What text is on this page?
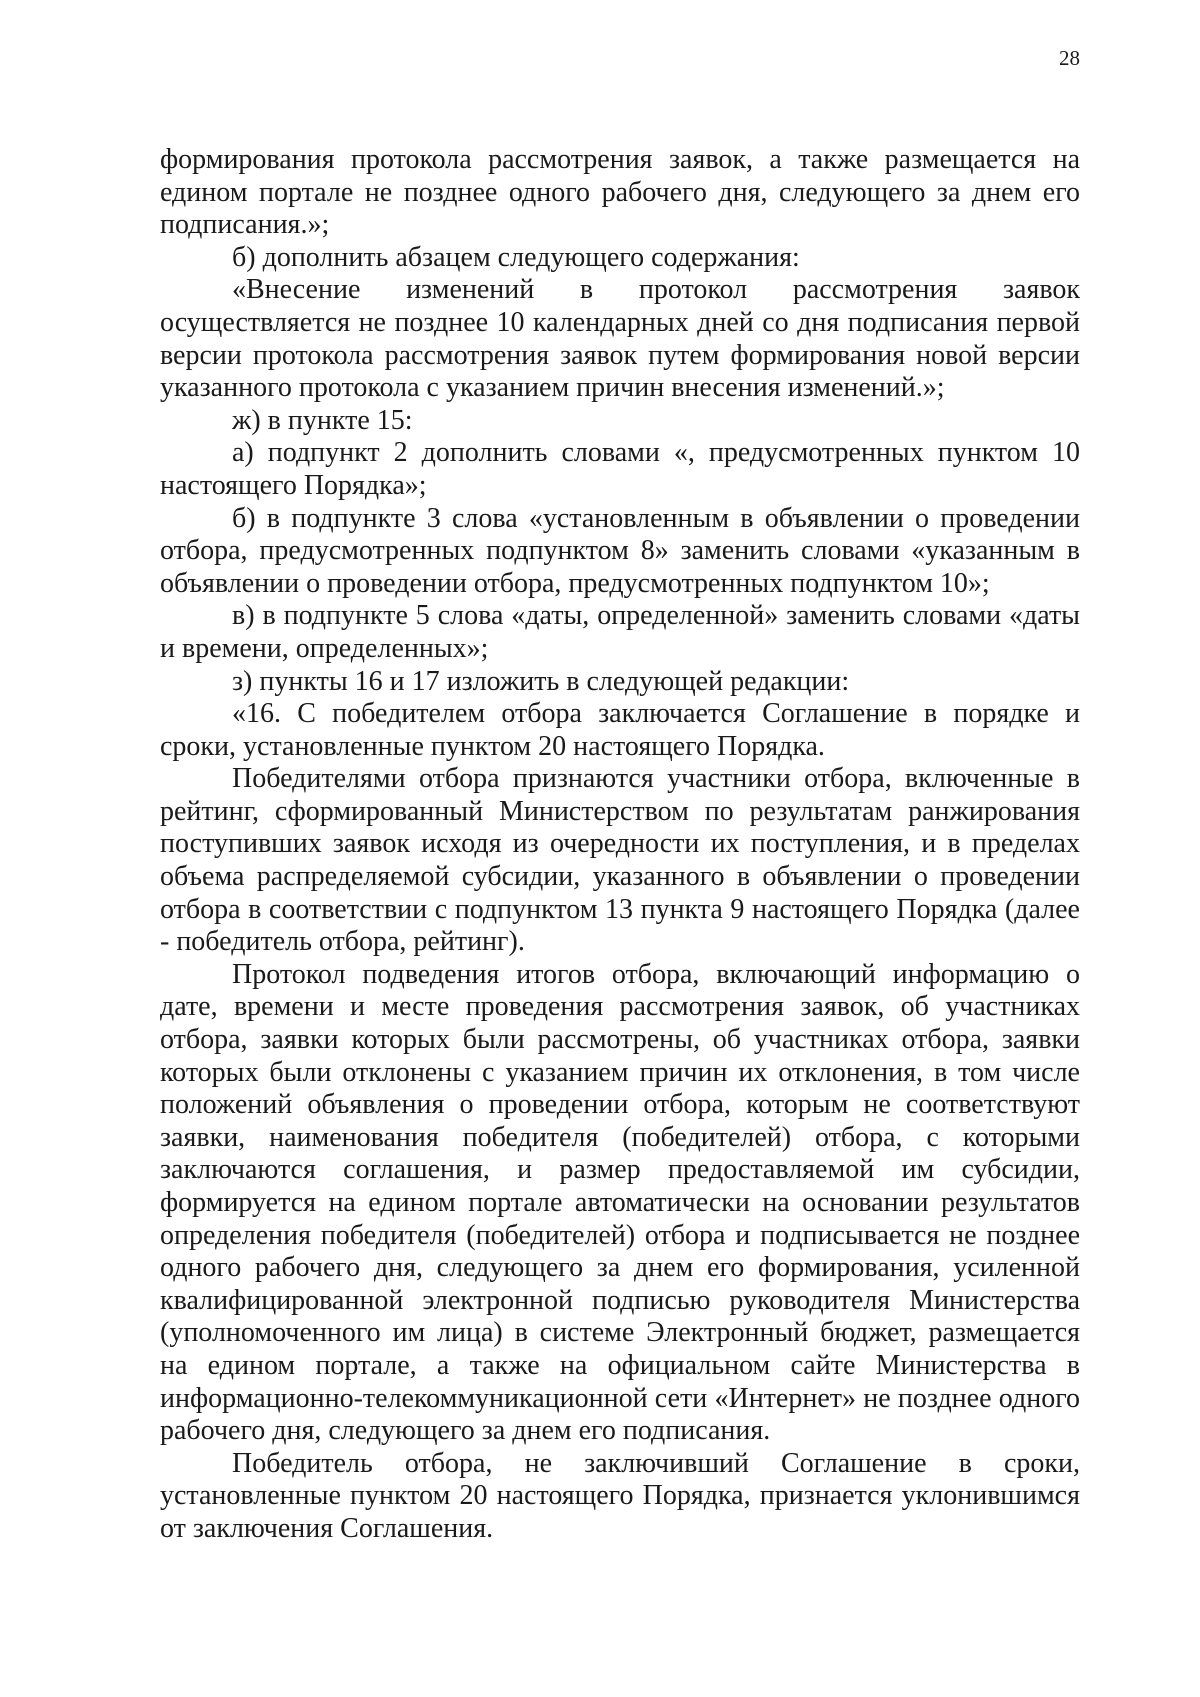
28

формирования протокола рассмотрения заявок, а также размещается на едином портале не позднее одного рабочего дня, следующего за днем его подписания.»;

б) дополнить абзацем следующего содержания:

«Внесение изменений в протокол рассмотрения заявок осуществляется не позднее 10 календарных дней со дня подписания первой версии протокола рассмотрения заявок путем формирования новой версии указанного протокола с указанием причин внесения изменений.»;

ж) в пункте 15:

а) подпункт 2 дополнить словами «, предусмотренных пунктом 10 настоящего Порядка»;

б) в подпункте 3 слова «установленным в объявлении о проведении отбора, предусмотренных подпунктом 8» заменить словами «указанным в объявлении о проведении отбора, предусмотренных подпунктом 10»;

в) в подпункте 5 слова «даты, определенной» заменить словами «даты и времени, определенных»;

з) пункты 16 и 17 изложить в следующей редакции:

«16. С победителем отбора заключается Соглашение в порядке и сроки, установленные пунктом 20 настоящего Порядка.

Победителями отбора признаются участники отбора, включенные в рейтинг, сформированный Министерством по результатам ранжирования поступивших заявок исходя из очередности их поступления, и в пределах объема распределяемой субсидии, указанного в объявлении о проведении отбора в соответствии с подпунктом 13 пункта 9 настоящего Порядка (далее - победитель отбора, рейтинг).

Протокол подведения итогов отбора, включающий информацию о дате, времени и месте проведения рассмотрения заявок, об участниках отбора, заявки которых были рассмотрены, об участниках отбора, заявки которых были отклонены с указанием причин их отклонения, в том числе положений объявления о проведении отбора, которым не соответствуют заявки, наименования победителя (победителей) отбора, с которыми заключаются соглашения, и размер предоставляемой им субсидии, формируется на едином портале автоматически на основании результатов определения победителя (победителей) отбора и подписывается не позднее одного рабочего дня, следующего за днем его формирования, усиленной квалифицированной электронной подписью руководителя Министерства (уполномоченного им лица) в системе Электронный бюджет, размещается на едином портале, а также на официальном сайте Министерства в информационно-телекоммуникационной сети «Интернет» не позднее одного рабочего дня, следующего за днем его подписания.

Победитель отбора, не заключивший Соглашение в сроки, установленные пунктом 20 настоящего Порядка, признается уклонившимся от заключения Соглашения.
